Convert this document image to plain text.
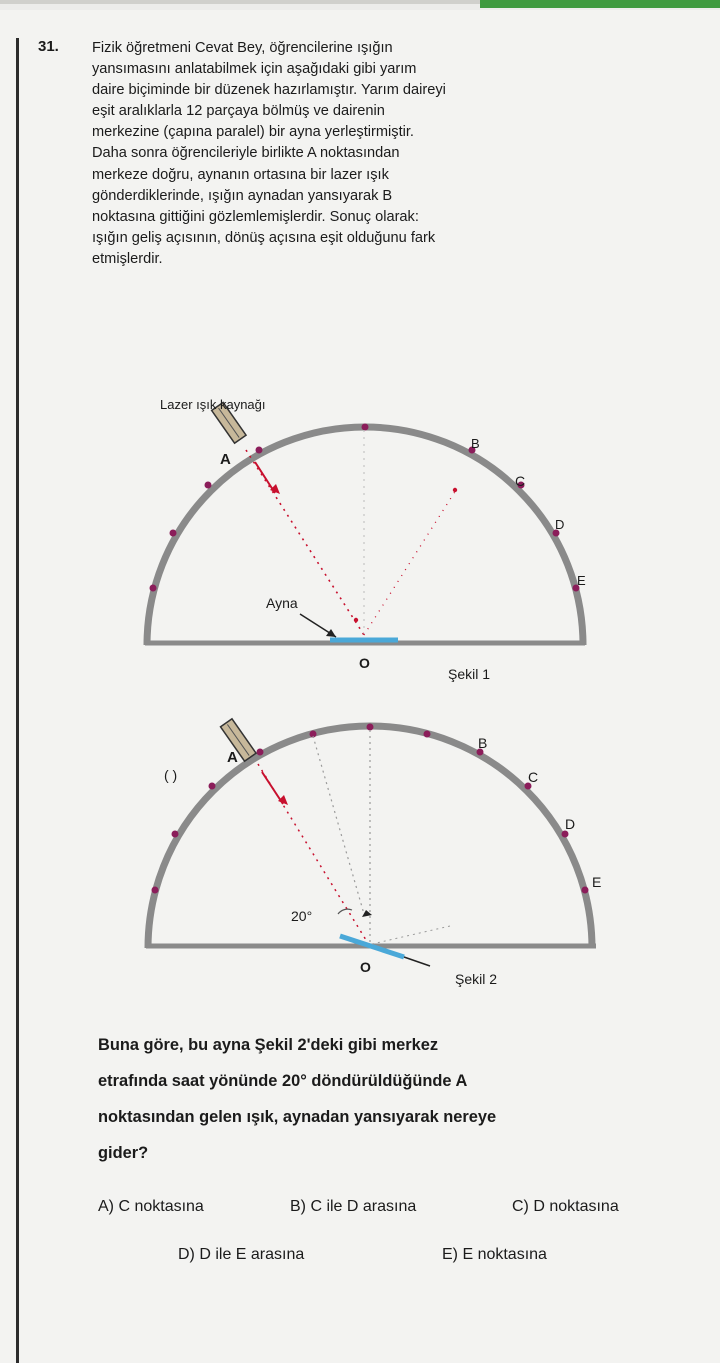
31. Fizik öğretmeni Cevat Bey, öğrencilerine ışığın

yansımasını anlatabilmek için aşağıdaki gibi yarım

daire biçiminde bir düzenek hazırlamıştır. Yarım daireyi

eşit aralıklarla 12 parçaya bölmüş ve dairenin

merkezine (çapına paralel) bir ayna yerleştirmiştir.

Daha sonra öğrencileriyle birlikte A noktasından

merkeze doğru, aynanın ortasına bir lazer ışık

gönderdiklerinde, ışığın aynadan yansıyarak B

noktasına gittiğini gözlemlemişlerdir. Sonuç olarak:

ışığın geliş açısının, dönüş açısına eşit olduğunu fark

etmişlerdir.

Lazer ışık kaynağı
A
B
C
D
E
Ayna
O
Şekil 1
20°
( )
A
B
C
D
E
O
Şekil 2

Buna göre, bu ayna Şekil 2'deki gibi merkez

etrafında saat yönünde 20° döndürüldüğünde A

noktasından gelen ışık, aynadan yansıyarak nereye

gider?

A) C noktasına	B) C ile D arasına	C) D noktasına
D) D ile E arasına	E) E noktasına
